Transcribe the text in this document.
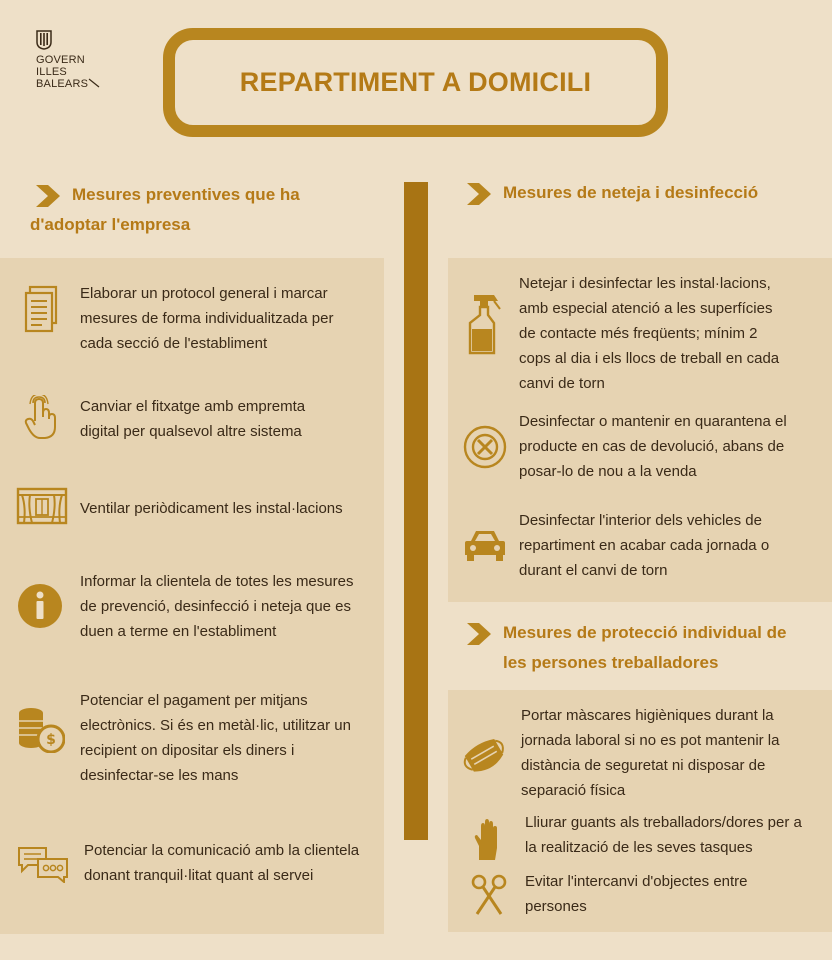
GOVERN
ILLES
BALEARS	REPARTIMENT A DOMICILI
Mesures preventives que ha
d'adoptar l'empresa
Elaborar un protocol general i marcar
mesures de forma individualitzada per
cada secció de l'establiment
Canviar el fitxatge amb empremta
digital per qualsevol altre sistema
Ventilar periòdicament les instal·lacions
Informar la clientela de totes les mesures
de prevenció, desinfecció i neteja que es
duen a terme en l'establiment
$
Potenciar el pagament per mitjans
electrònics. Si és en metàl·lic, utilitzar un
recipient on dipositar els diners i
desinfectar-se les mans
Potenciar la comunicació amb la clientela
donant tranquil·litat quant al servei
Mesures de neteja i desinfecció
Netejar i desinfectar les instal·lacions,
amb especial atenció a les superfícies
de contacte més freqüents; mínim 2
cops al dia i els llocs de treball en cada
canvi de torn
Desinfectar o mantenir en quarantena el
producte en cas de devolució, abans de
posar-lo de nou a la venda
Desinfectar l'interior dels vehicles de
repartiment en acabar cada jornada o
durant el canvi de torn
Mesures de protecció individual de
les persones treballadores
Portar màscares higièniques durant la
jornada laboral si no es pot mantenir la
distància de seguretat ni disposar de
separació física
Lliurar guants als treballadors/dores per a
la realització de les seves tasques
Evitar l'intercanvi d'objectes entre
persones
